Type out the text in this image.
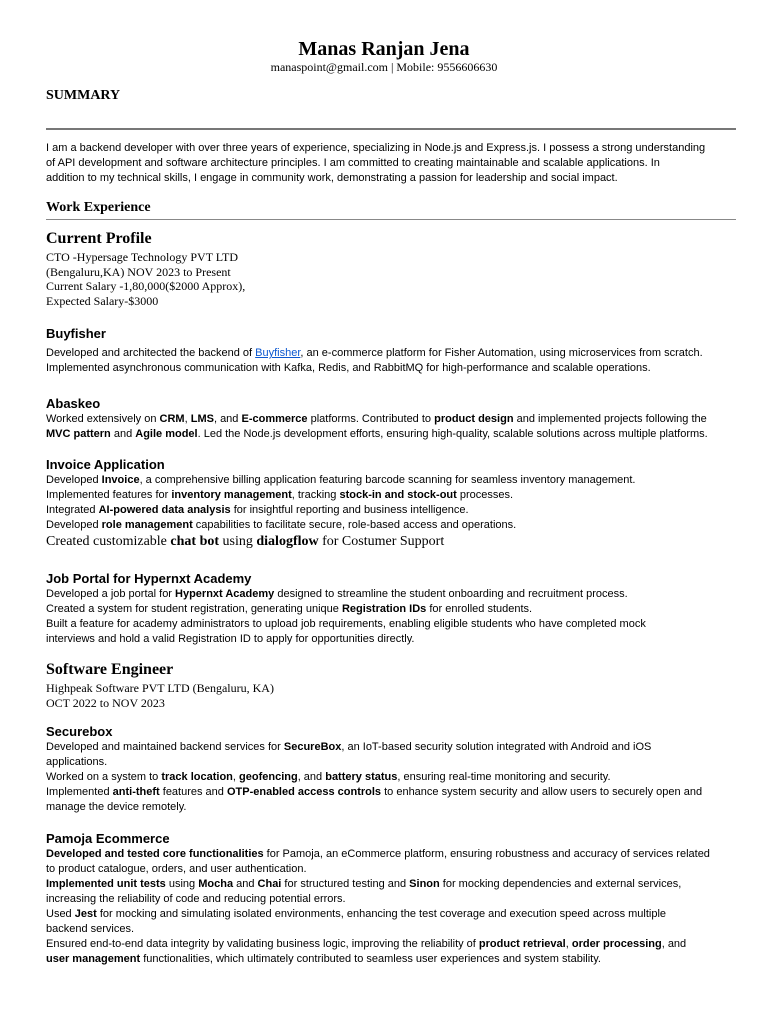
Manas Ranjan Jena
manaspoint@gmail.com | Mobile: 9556606630
SUMMARY
I am a backend developer with over three years of experience, specializing in Node.js and Express.js. I possess a strong understanding
of API development and software architecture principles. I am committed to creating maintainable and scalable applications. In
addition to my technical skills, I engage in community work, demonstrating a passion for leadership and social impact.
Work Experience
Current Profile
CTO -Hypersage Technology PVT LTD
(Bengaluru,KA) NOV 2023 to Present
Current Salary -1,80,000($2000 Approx),
Expected Salary-$3000
Buyfisher
Developed and architected the backend of Buyfisher, an e-commerce platform for Fisher Automation, using microservices from scratch.
Implemented asynchronous communication with Kafka, Redis, and RabbitMQ for high-performance and scalable operations.
Abaskeo
Worked extensively on CRM, LMS, and E-commerce platforms. Contributed to product design and implemented projects following the
MVC pattern and Agile model. Led the Node.js development efforts, ensuring high-quality, scalable solutions across multiple platforms.
Invoice Application
Developed Invoice, a comprehensive billing application featuring barcode scanning for seamless inventory management.
Implemented features for inventory management, tracking stock-in and stock-out processes.
Integrated AI-powered data analysis for insightful reporting and business intelligence.
Developed role management capabilities to facilitate secure, role-based access and operations.
Created customizable chat bot using dialogflow for Costumer Support
Job Portal for Hypernxt Academy
Developed a job portal for Hypernxt Academy designed to streamline the student onboarding and recruitment process.
Created a system for student registration, generating unique Registration IDs for enrolled students.
Built a feature for academy administrators to upload job requirements, enabling eligible students who have completed mock
interviews and hold a valid Registration ID to apply for opportunities directly.
Software Engineer
Highpeak Software PVT LTD (Bengaluru, KA)
OCT 2022 to NOV 2023
Securebox
Developed and maintained backend services for SecureBox, an IoT-based security solution integrated with Android and iOS
applications.
Worked on a system to track location, geofencing, and battery status, ensuring real-time monitoring and security.
Implemented anti-theft features and OTP-enabled access controls to enhance system security and allow users to securely open and
manage the device remotely.
Pamoja Ecommerce
Developed and tested core functionalities for Pamoja, an eCommerce platform, ensuring robustness and accuracy of services related
to product catalogue, orders, and user authentication.
Implemented unit tests using Mocha and Chai for structured testing and Sinon for mocking dependencies and external services,
increasing the reliability of code and reducing potential errors.
Used Jest for mocking and simulating isolated environments, enhancing the test coverage and execution speed across multiple
backend services.
Ensured end-to-end data integrity by validating business logic, improving the reliability of product retrieval, order processing, and
user management functionalities, which ultimately contributed to seamless user experiences and system stability.
